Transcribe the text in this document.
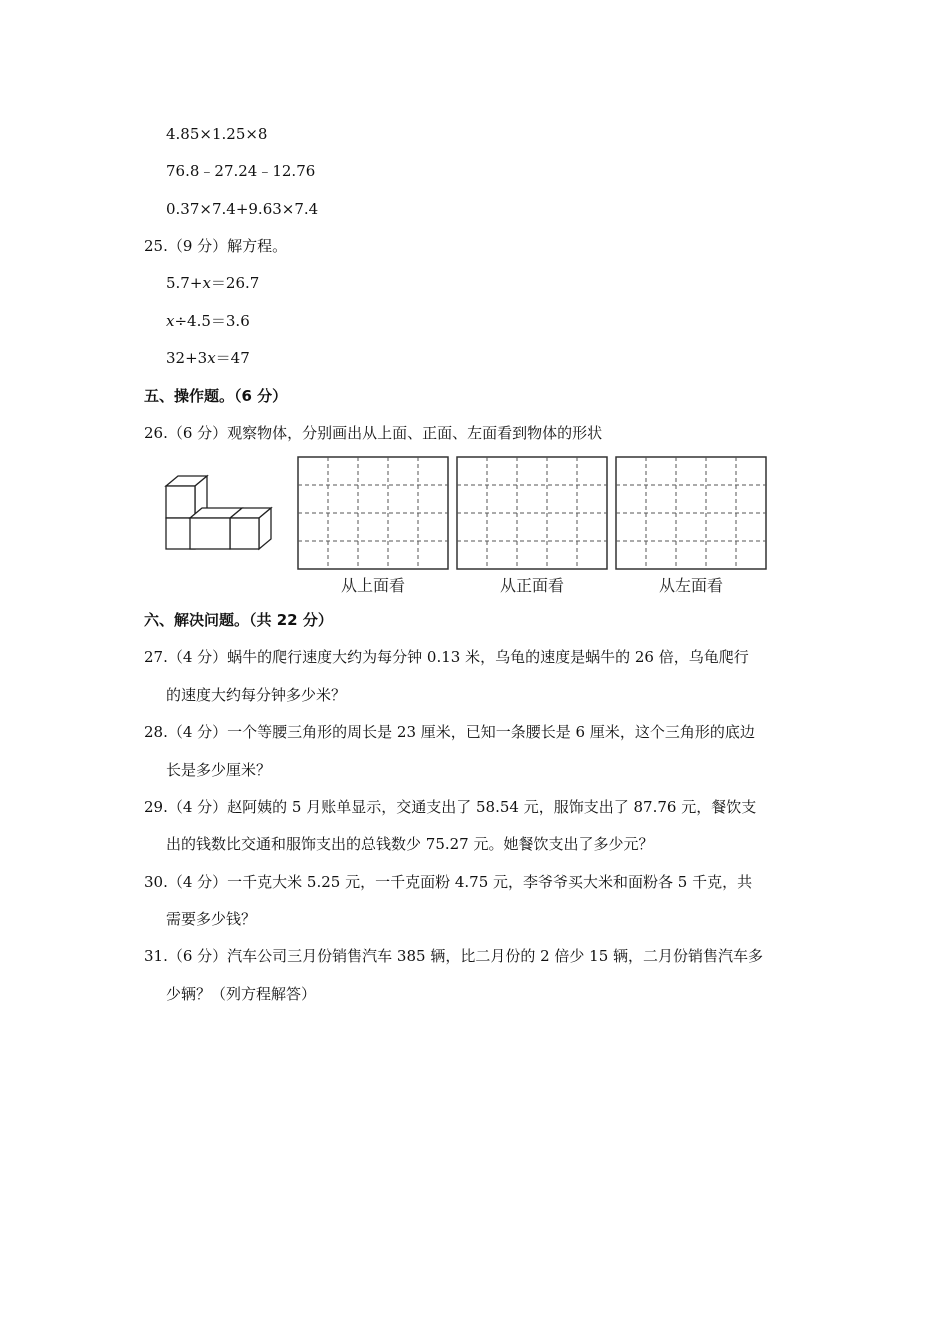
4.85×1.25×8
76.8﹣27.24﹣12.76
0.37×7.4+9.63×7.4
25.（9 分）解方程。
5.7+x＝26.7
x÷4.5＝3.6
32+3x＝47
五、操作题。（6 分）
26.（6 分）观察物体，分别画出从上面、正面、左面看到物体的形状
从上面看	从正面看	从左面看
六、解决问题。（共 22 分）
27.（4 分）蜗牛的爬行速度大约为每分钟 0.13 米，乌龟的速度是蜗牛的 26 倍，乌龟爬行
的速度大约每分钟多少米？
28.（4 分）一个等腰三角形的周长是 23 厘米，已知一条腰长是 6 厘米，这个三角形的底边
长是多少厘米？
29.（4 分）赵阿姨的 5 月账单显示，交通支出了 58.54 元，服饰支出了 87.76 元，餐饮支
出的钱数比交通和服饰支出的总钱数少 75.27 元。她餐饮支出了多少元？
30.（4 分）一千克大米 5.25 元，一千克面粉 4.75 元，李爷爷买大米和面粉各 5 千克，共
需要多少钱？
31.（6 分）汽车公司三月份销售汽车 385 辆，比二月份的 2 倍少 15 辆，二月份销售汽车多
少辆？（列方程解答）
